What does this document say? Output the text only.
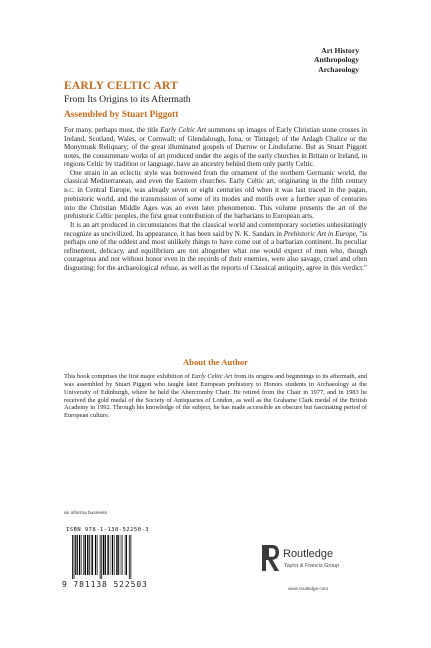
Art History
Anthropology
Archaeology
EARLY CELTIC ART
From Its Origins to its Aftermath
Assembled by Stuart Piggott

For many, perhaps most, the title Early Celtic Art summons up images of Early Christian stone crosses in Ireland, Scotland, Wales, or Cornwall; of Glendalough, Iona, or Tintagel; of the Ardagh Chalice or the Monymusk Reliquary; of the great illuminated gospels of Durrow or Lindisfarne. But as Stuart Piggott notes, the consummate works of art produced under the aegis of the early churches in Britain or Ireland, in regions Celtic by tradition or language, have an ancestry behind them only partly Celtic.

One strain in an eclectic style was borrowed from the ornament of the northern Germanic world, the classical Mediterranean, and even the Eastern churches. Early Celtic art, originating in the fifth century B.C. in Central Europe, was already seven or eight centuries old when it was last traced in the pagan, prehistoric world, and the transmission of some of its modes and motifs over a further span of centuries into the Christian Middle Ages was an even later phenomenon. This volume presents the art of the prehistoric Celtic peoples, the first great contribution of the barbarians to European arts.

It is an art produced in circumstances that the classical world and contemporary societies unhesitatingly recognize as uncivilized. Its appearance, it has been said by N. K. Sandars in Prehistoric Art in Europe, "is perhaps one of the oddest and most unlikely things to have come out of a barbarian continent. Its peculiar refinement, delicacy, and equilibrium are not altogether what one would expect of men who, though courageous and not without honor even in the records of their enemies, were also savage, cruel and often disgusting; for the archaeological refuse, as well as the reports of Classical antiquity, agree in this verdict."

About the Author

This book comprises the first major exhibition of Early Celtic Art from its origins and beginnings to its aftermath, and was assembled by Stuart Piggott who taught later European prehistory to Honors students in Archaeology at the University of Edinburgh, where he held the Abercromby Chair. He retired from the Chair in 1977, and in 1983 he received the gold medal of the Society of Antiquaries of London, as well as the Grahame Clark medal of the British Academy in 1992. Through his knowledge of the subject, he has made accessible an obscure but fascinating period of European culture.

an informa business
ISBN 978-1-138-52250-3
9 781138 522503
Routledge
Taylor & Francis Group
www.routledge.com
